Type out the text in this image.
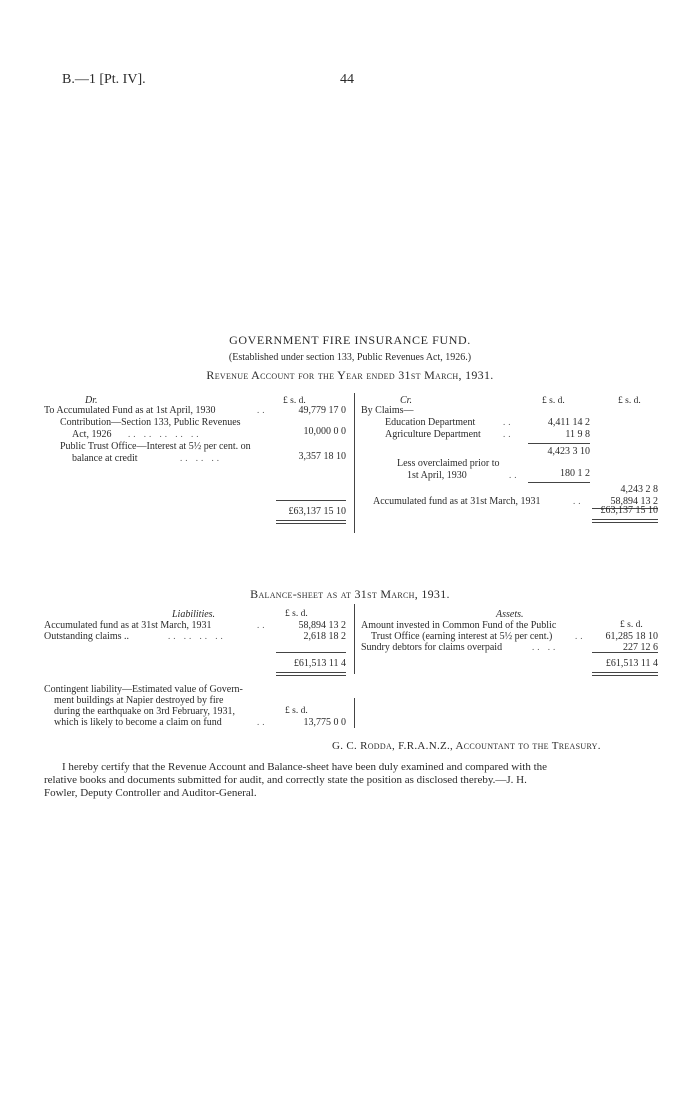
B.—1 [Pt. IV].	44
GOVERNMENT FIRE INSURANCE FUND.
(Established under section 133, Public Revenues Act, 1926.)
Revenue Account for the Year ended 31st March, 1931.
Dr.	£ s. d.
To Accumulated Fund as at 1st April, 1930	..	49,779 17 0
Contribution—Section 133, Public Revenues
Act, 1926 .. .. .. .. ..	10,000 0 0
Public Trust Office—Interest at 5½ per cent. on
balance at credit	.. .. ..	3,357 18 10
£63,137 15 10
Cr.	£ s. d.	£ s. d.
By Claims—
Education Department	..	4,411 14 2
Agriculture Department ..	11 9 8
4,423 3 10
Less overclaimed prior to
1st April, 1930	..	180 1 2
4,243 2 8
Accumulated fund as at 31st March, 1931	..	58,894 13 2
£63,137 15 10
Balance-sheet as at 31st March, 1931.
Liabilities.	£ s. d.
Accumulated fund as at 31st March, 1931	..	58,894 13 2
Outstanding claims ..	.. .. .. ..	2,618 18 2
£61,513 11 4
Assets.
£ s. d.
Amount invested in Common Fund of the Public
Trust Office (earning interest at 5½ per cent.)	..	61,285 18 10
Sundry debtors for claims overpaid	.. ..	227 12 6
£61,513 11 4
Contingent liability—Estimated value of Govern-
ment buildings at Napier destroyed by fire
during the earthquake on 3rd February, 1931,
which is likely to become a claim on fund	..
£ s. d.
13,775 0 0
G. C. Rodda, F.R.A.N.Z., Accountant to the Treasury.
I hereby certify that the Revenue Account and Balance-sheet have been duly examined and compared with the
relative books and documents submitted for audit, and correctly state the position as disclosed thereby.—J. H.
Fowler, Deputy Controller and Auditor-General.
